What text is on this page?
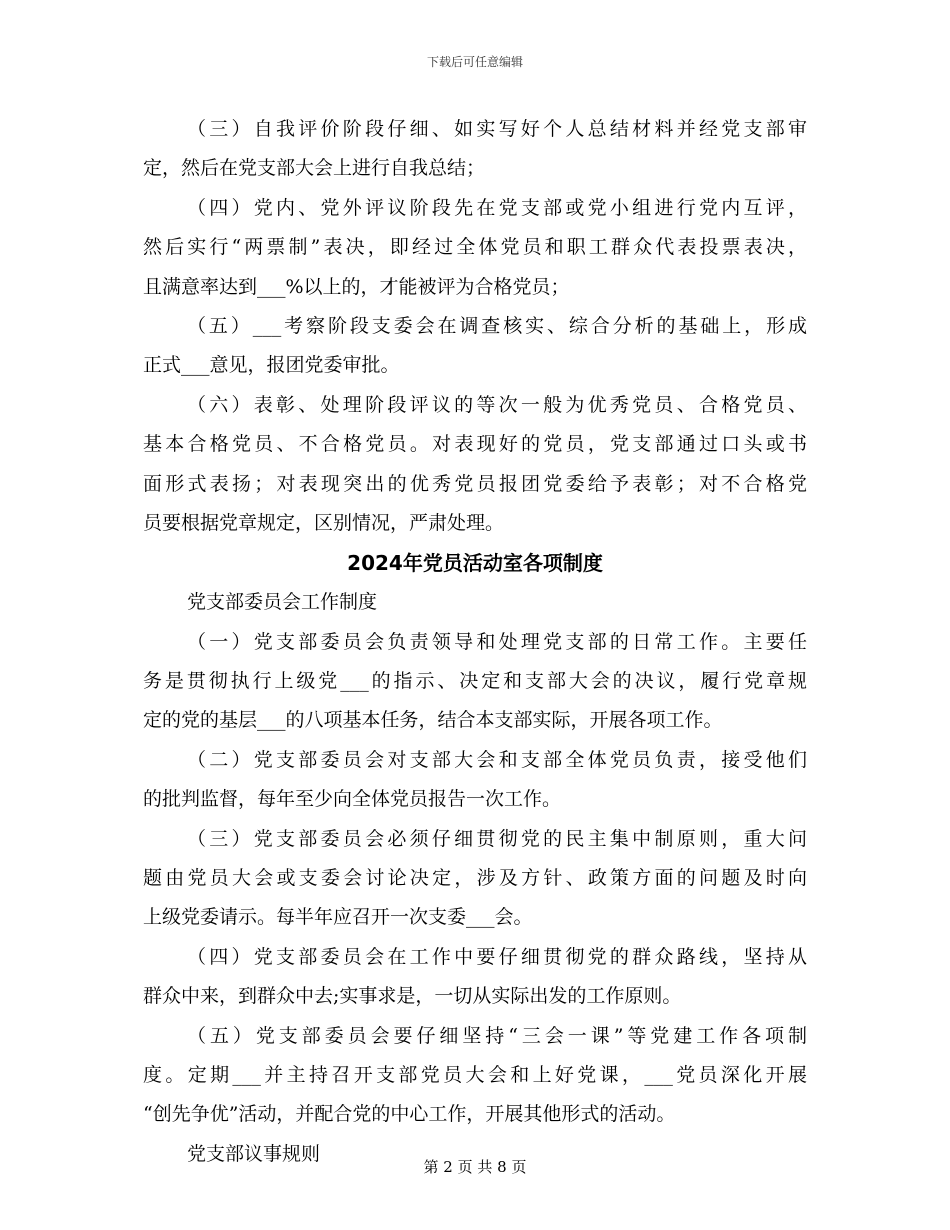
下载后可任意编辑
（三）自我评价阶段仔细、如实写好个人总结材料并经党支部审
定，然后在党支部大会上进行自我总结；
（四）党内、党外评议阶段先在党支部或党小组进行党内互评，
然后实行“两票制”表决，即经过全体党员和职工群众代表投票表决，
且满意率达到___%以上的，才能被评为合格党员；
（五）___考察阶段支委会在调查核实、综合分析的基础上，形成
正式___意见，报团党委审批。
（六）表彰、处理阶段评议的等次一般为优秀党员、合格党员、
基本合格党员、不合格党员。对表现好的党员，党支部通过口头或书
面形式表扬；对表现突出的优秀党员报团党委给予表彰；对不合格党
员要根据党章规定，区别情况，严肃处理。
2024年党员活动室各项制度
党支部委员会工作制度
（一）党支部委员会负责领导和处理党支部的日常工作。主要任
务是贯彻执行上级党___的指示、决定和支部大会的决议，履行党章规
定的党的基层___的八项基本任务，结合本支部实际，开展各项工作。
（二）党支部委员会对支部大会和支部全体党员负责，接受他们
的批判监督，每年至少向全体党员报告一次工作。
（三）党支部委员会必须仔细贯彻党的民主集中制原则，重大问
题由党员大会或支委会讨论决定，涉及方针、政策方面的问题及时向
上级党委请示。每半年应召开一次支委___会。
（四）党支部委员会在工作中要仔细贯彻党的群众路线，坚持从
群众中来，到群众中去;实事求是，一切从实际出发的工作原则。
（五）党支部委员会要仔细坚持“三会一课”等党建工作各项制
度。定期___并主持召开支部党员大会和上好党课，___党员深化开展
“创先争优”活动，并配合党的中心工作，开展其他形式的活动。
党支部议事规则
第 2 页 共 8 页
